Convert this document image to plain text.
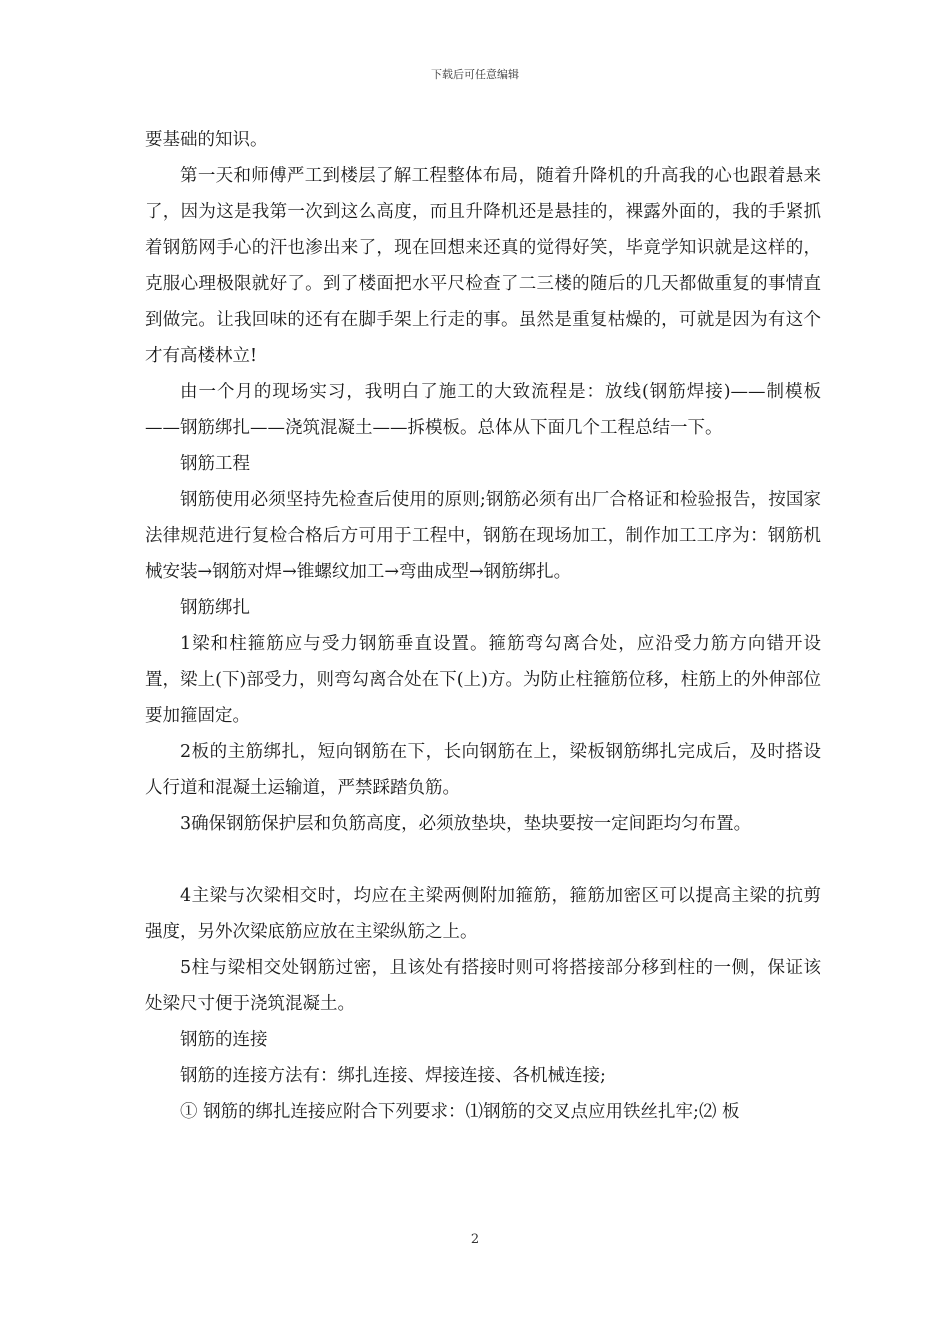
下载后可任意编辑

要基础的知识。

第一天和师傅严工到楼层了解工程整体布局，随着升降机的升高我的心也跟着悬来了，因为这是我第一次到这么高度，而且升降机还是悬挂的，裸露外面的，我的手紧抓着钢筋网手心的汗也渗出来了，现在回想来还真的觉得好笑，毕竟学知识就是这样的，克服心理极限就好了。到了楼面把水平尺检查了二三楼的随后的几天都做重复的事情直到做完。让我回味的还有在脚手架上行走的事。虽然是重复枯燥的，可就是因为有这个才有高楼林立!

由一个月的现场实习，我明白了施工的大致流程是：放线(钢筋焊接)——制模板——钢筋绑扎——浇筑混凝土——拆模板。总体从下面几个工程总结一下。

钢筋工程

钢筋使用必须坚持先检查后使用的原则;钢筋必须有出厂合格证和检验报告，按国家法律规范进行复检合格后方可用于工程中，钢筋在现场加工，制作加工工序为：钢筋机械安装→钢筋对焊→锥螺纹加工→弯曲成型→钢筋绑扎。

钢筋绑扎

1梁和柱箍筋应与受力钢筋垂直设置。箍筋弯勾离合处，应沿受力筋方向错开设置，梁上(下)部受力，则弯勾离合处在下(上)方。为防止柱箍筋位移，柱筋上的外伸部位要加箍固定。

2板的主筋绑扎，短向钢筋在下，长向钢筋在上，梁板钢筋绑扎完成后，及时搭设人行道和混凝土运输道，严禁踩踏负筋。

3确保钢筋保护层和负筋高度，必须放垫块，垫块要按一定间距均匀布置。

4主梁与次梁相交时，均应在主梁两侧附加箍筋，箍筋加密区可以提高主梁的抗剪强度，另外次梁底筋应放在主梁纵筋之上。

5柱与梁相交处钢筋过密，且该处有搭接时则可将搭接部分移到柱的一侧，保证该处梁尺寸便于浇筑混凝土。

钢筋的连接

钢筋的连接方法有：绑扎连接、焊接连接、各机械连接;

① 钢筋的绑扎连接应附合下列要求：⑴钢筋的交叉点应用铁丝扎牢;⑵ 板

2
